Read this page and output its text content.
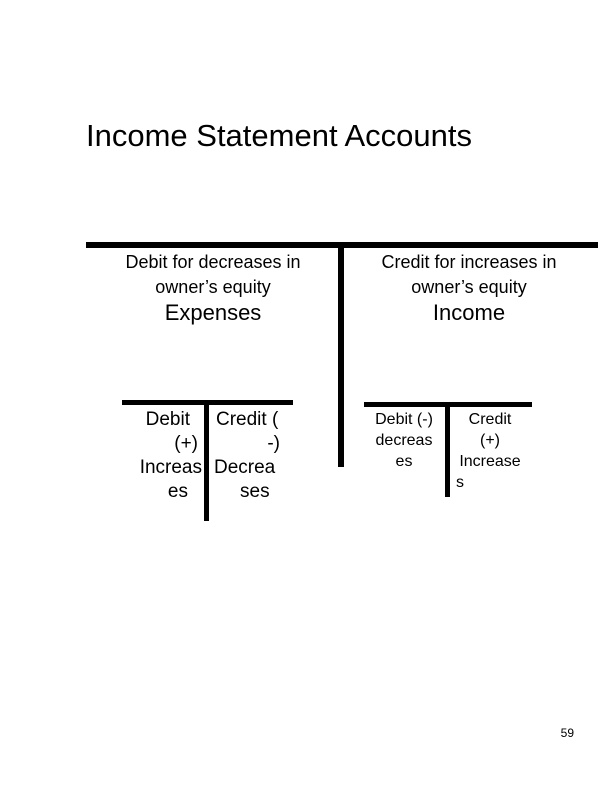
Income Statement Accounts
Debit for decreases in
owner’s equity
Credit for increases in
owner’s equity
Expenses	Income
Debit
(+)
Increas
es
Credit (
-)
Decrea
ses
Debit (-)
decreas
es
Credit
(+)
Increase
s
59
